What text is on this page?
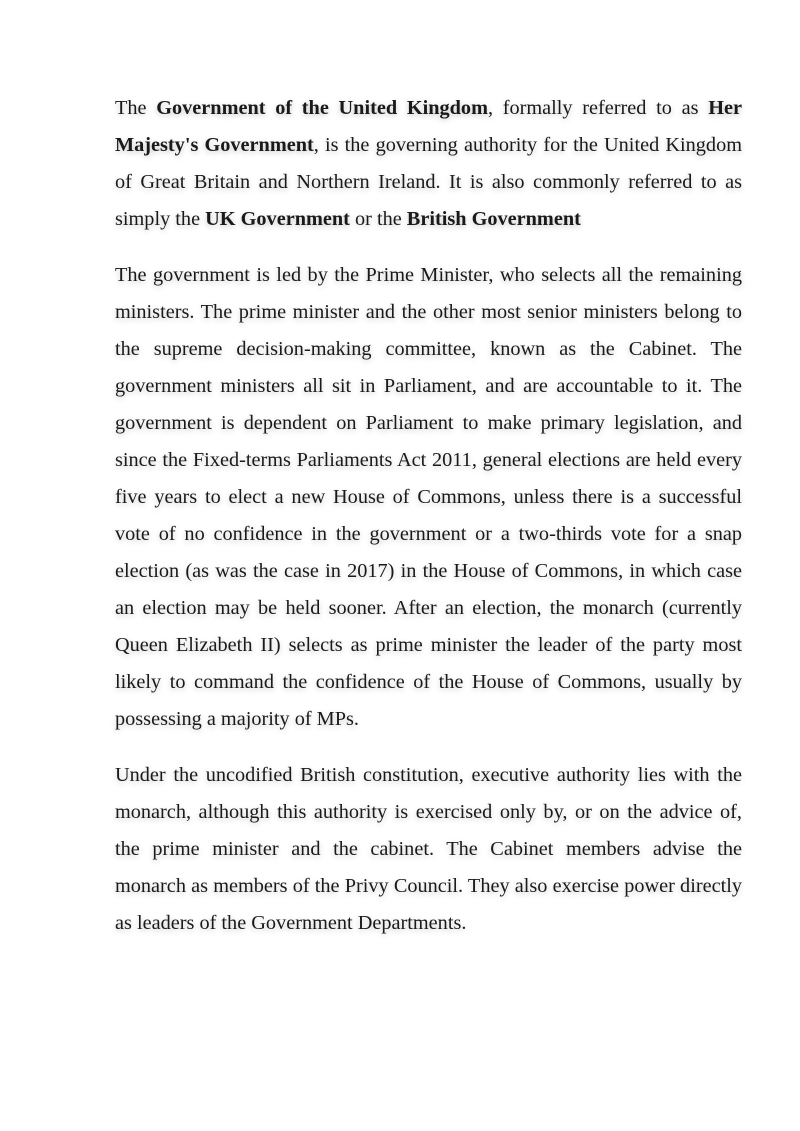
The Government of the United Kingdom, formally referred to as Her Majesty's Government, is the governing authority for the United Kingdom of Great Britain and Northern Ireland. It is also commonly referred to as simply the UK Government or the British Government

The government is led by the Prime Minister, who selects all the remaining ministers. The prime minister and the other most senior ministers belong to the supreme decision-making committee, known as the Cabinet. The government ministers all sit in Parliament, and are accountable to it. The government is dependent on Parliament to make primary legislation, and since the Fixed-terms Parliaments Act 2011, general elections are held every five years to elect a new House of Commons, unless there is a successful vote of no confidence in the government or a two-thirds vote for a snap election (as was the case in 2017) in the House of Commons, in which case an election may be held sooner. After an election, the monarch (currently Queen Elizabeth II) selects as prime minister the leader of the party most likely to command the confidence of the House of Commons, usually by possessing a majority of MPs.

Under the uncodified British constitution, executive authority lies with the monarch, although this authority is exercised only by, or on the advice of, the prime minister and the cabinet. The Cabinet members advise the monarch as members of the Privy Council. They also exercise power directly as leaders of the Government Departments.
